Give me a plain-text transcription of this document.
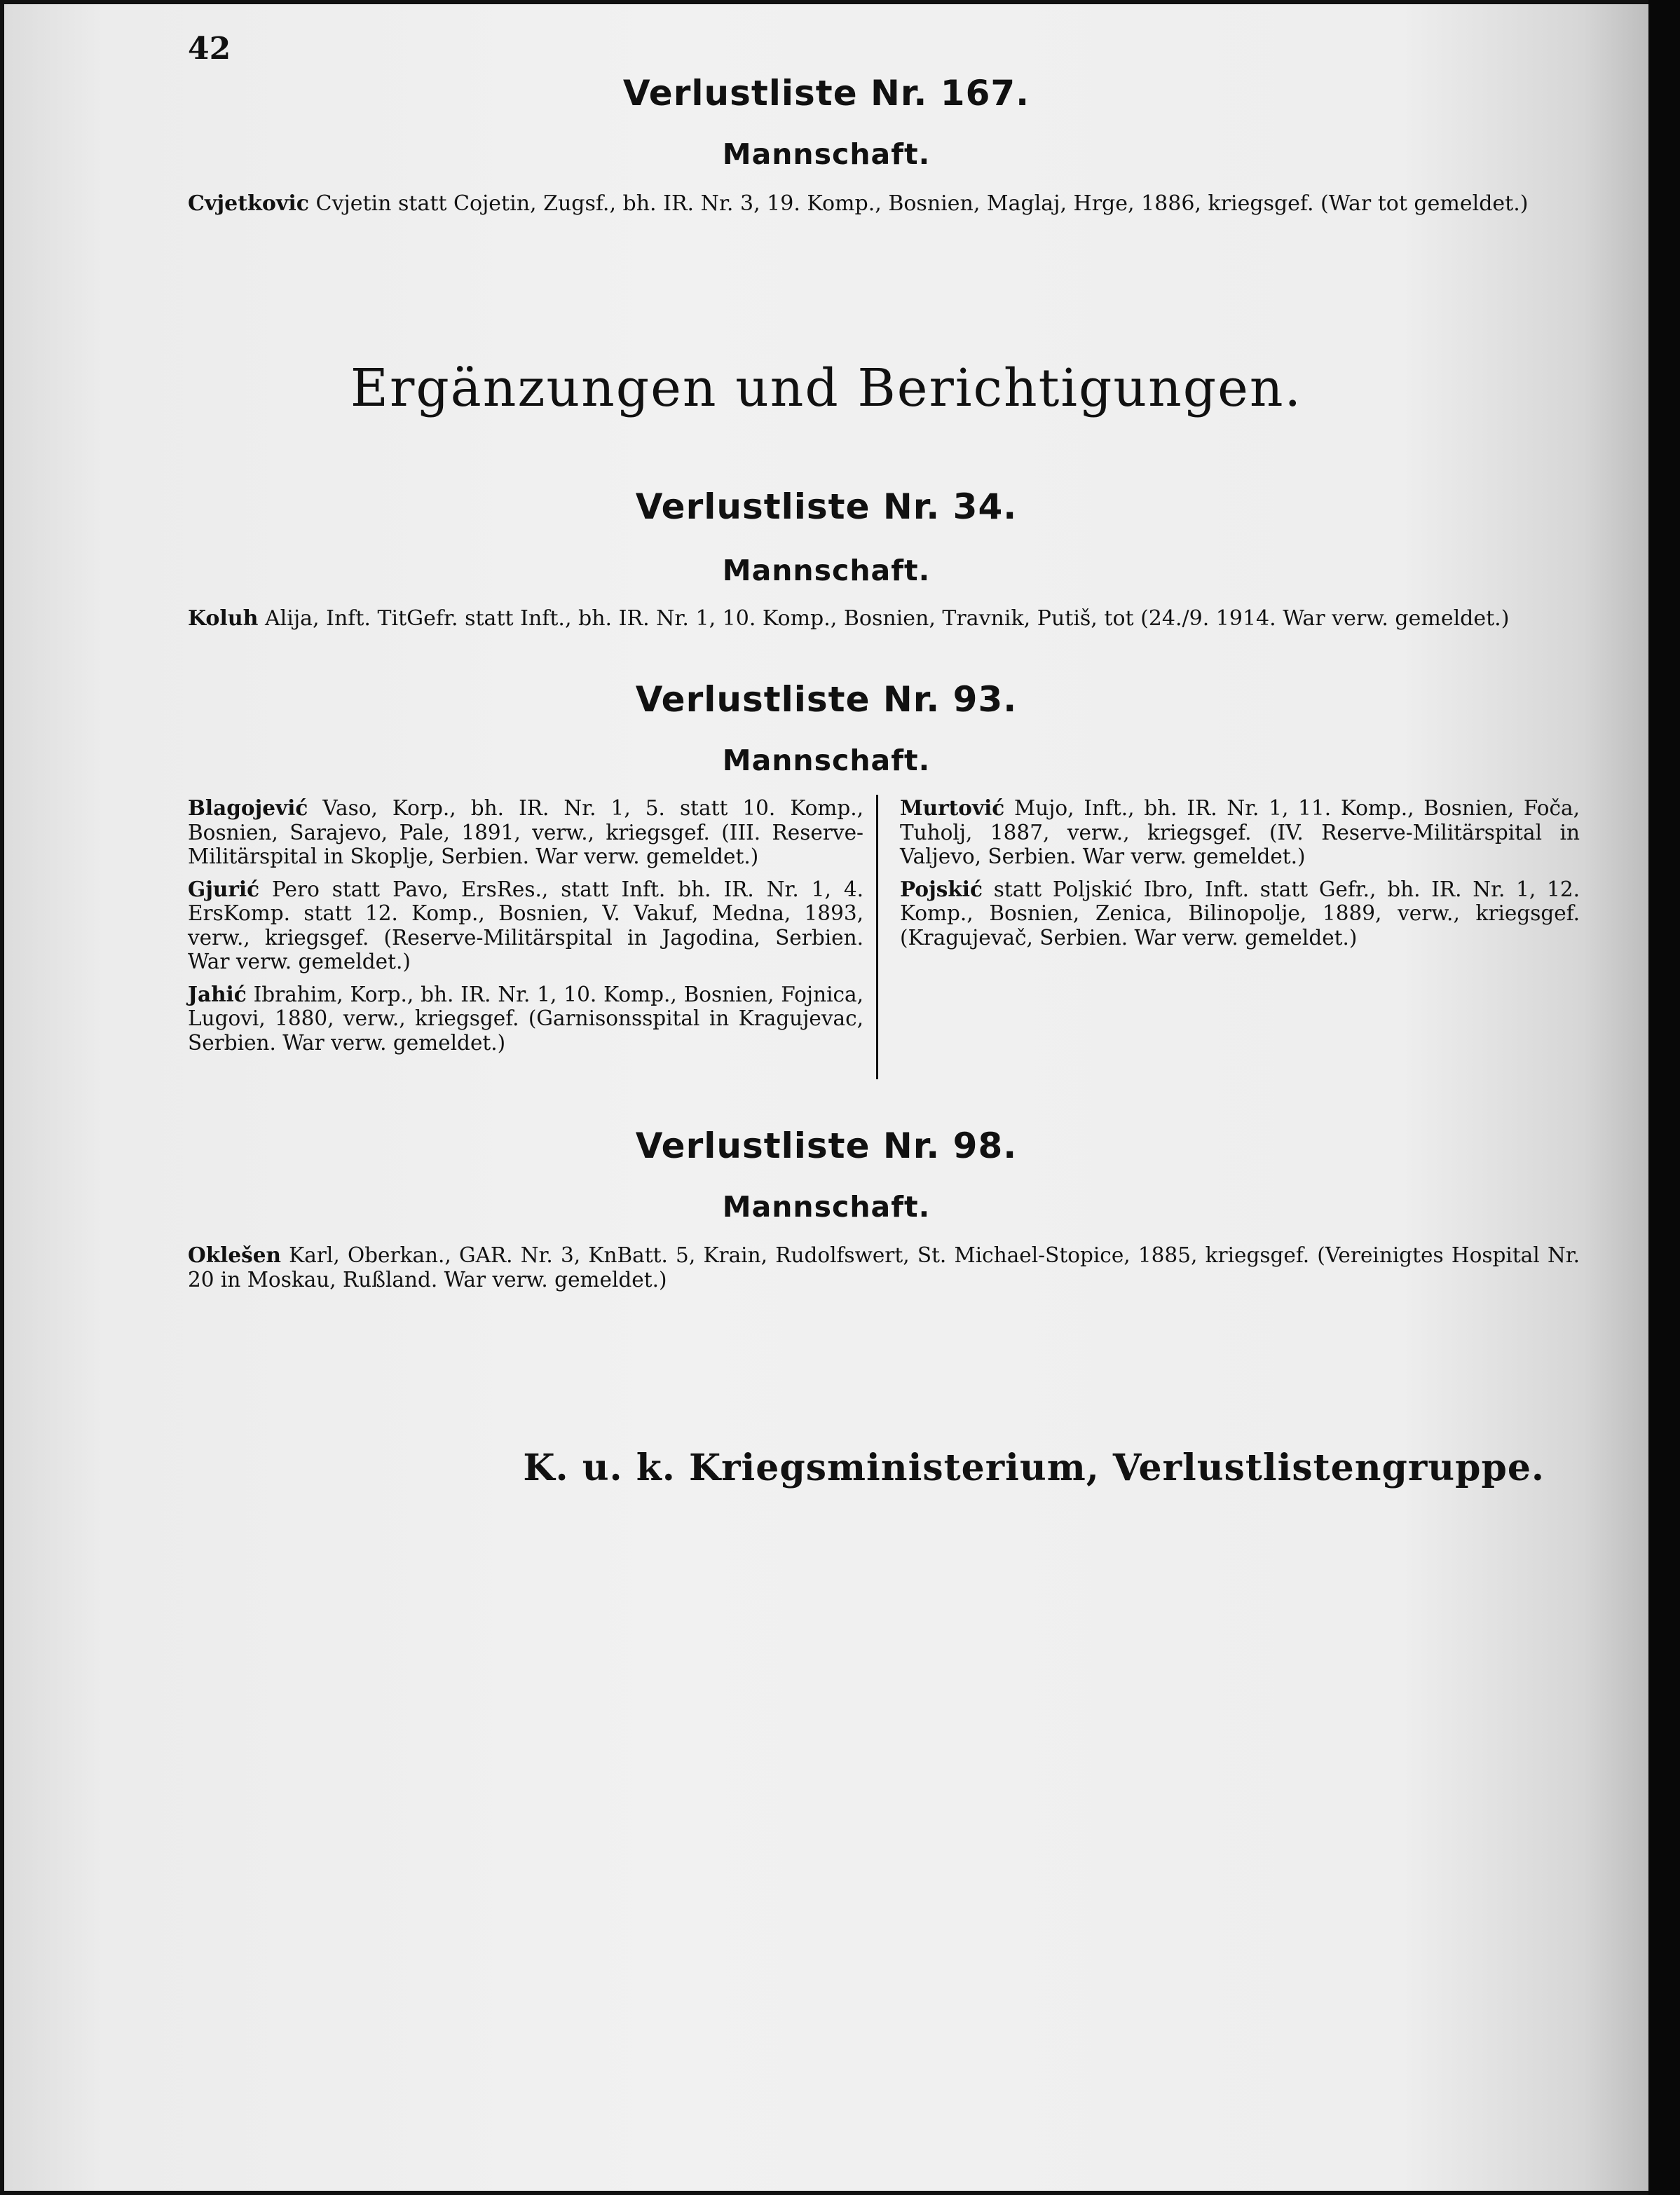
42
Verlustliste Nr. 167.
Mannschaft.
Cvjetkovic Cvjetin statt Cojetin, Zugsf., bh. IR. Nr. 3, 19. Komp., Bosnien, Maglaj, Hrge, 1886, kriegsgef. (War tot gemeldet.)
Ergänzungen und Berichtigungen.
Verlustliste Nr. 34.
Mannschaft.
Koluh Alija, Inft. TitGefr. statt Inft., bh. IR. Nr. 1, 10. Komp., Bosnien, Travnik, Putiš, tot (24./9. 1914. War verw. gemeldet.)
Verlustliste Nr. 93.
Mannschaft.

Blagojević Vaso, Korp., bh. IR. Nr. 1, 5. statt 10. Komp., Bosnien, Sarajevo, Pale, 1891, verw., kriegsgef. (III. Reserve-Militärspital in Skoplje, Serbien. War verw. gemeldet.)

Gjurić Pero statt Pavo, ErsRes., statt Inft. bh. IR. Nr. 1, 4. ErsKomp. statt 12. Komp., Bosnien, V. Vakuf, Medna, 1893, verw., kriegsgef. (Reserve-Militärspital in Jagodina, Serbien. War verw. gemeldet.)

Jahić Ibrahim, Korp., bh. IR. Nr. 1, 10. Komp., Bosnien, Fojnica, Lugovi, 1880, verw., kriegsgef. (Garnisonsspital in Kragujevac, Serbien. War verw. gemeldet.)

Murtović Mujo, Inft., bh. IR. Nr. 1, 11. Komp., Bosnien, Foča, Tuholj, 1887, verw., kriegsgef. (IV. Reserve-Militärspital in Valjevo, Serbien. War verw. gemeldet.)

Pojskić statt Poljskić Ibro, Inft. statt Gefr., bh. IR. Nr. 1, 12. Komp., Bosnien, Zenica, Bilinopolje, 1889, verw., kriegsgef. (Kragujevač, Serbien. War verw. gemeldet.)

Verlustliste Nr. 98.
Mannschaft.
Oklešen Karl, Oberkan., GAR. Nr. 3, KnBatt. 5, Krain, Rudolfswert, St. Michael-Stopice, 1885, kriegsgef. (Vereinigtes Hospital Nr. 20 in Moskau, Rußland. War verw. gemeldet.)
K. u. k. Kriegsministerium, Verlustlistengruppe.
